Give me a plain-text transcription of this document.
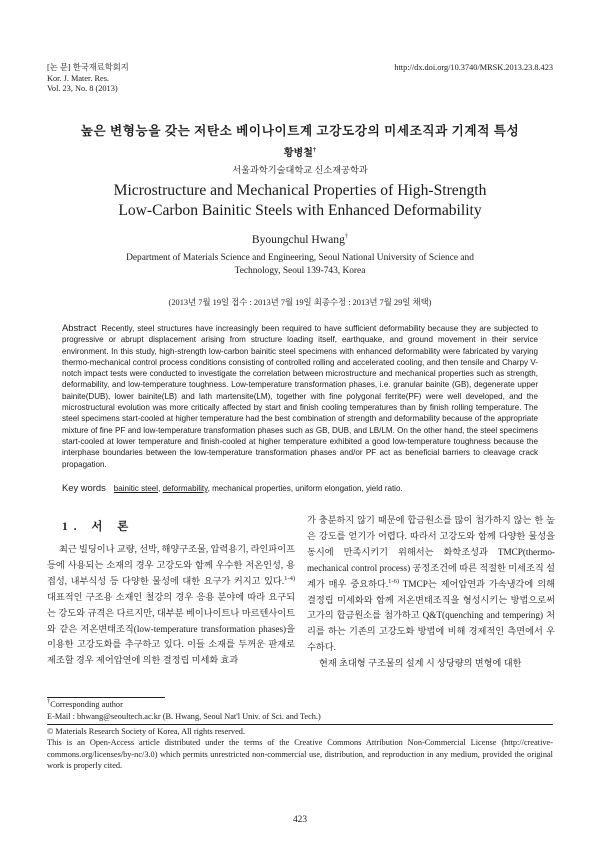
[논 문] 한국재료학회지
Kor. J. Mater. Res.
Vol. 23, No. 8 (2013)
http://dx.doi.org/10.3740/MRSK.2013.23.8.423
높은 변형능을 갖는 저탄소 베이나이트계 고강도강의 미세조직과 기계적 특성
황병철†
서울과학기술대학교 신소재공학과
Microstructure and Mechanical Properties of High-Strength
Low-Carbon Bainitic Steels with Enhanced Deformability
Byoungchul Hwang†
Department of Materials Science and Engineering, Seoul National University of Science and
Technology, Seoul 139-743, Korea
(2013년 7월 19일 접수 : 2013년 7월 19일 최종수정 : 2013년 7월 29일 채택)
Abstract Recently, steel structures have increasingly been required to have sufficient deformability because they are subjected to progressive or abrupt displacement arising from structure loading itself, earthquake, and ground movement in their service environment. In this study, high-strength low-carbon bainitic steel specimens with enhanced deformability were fabricated by varying thermo-mechanical control process conditions consisting of controlled rolling and accelerated cooling, and then tensile and Charpy V-notch impact tests were conducted to investigate the correlation between microstructure and mechanical properties such as strength, deformability, and low-temperature toughness. Low-temperature transformation phases, i.e. granular bainite (GB), degenerate upper bainite(DUB), lower bainite(LB) and lath martensite(LM), together with fine polygonal ferrite(PF) were well developed, and the microstructural evolution was more critically affected by start and finish cooling temperatures than by finish rolling temperature. The steel specimens start-cooled at higher temperature had the best combination of strength and deformability because of the appropriate mixture of fine PF and low-temperature transformation phases such as GB, DUB, and LB/LM. On the other hand, the steel specimens start-cooled at lower temperature and finish-cooled at higher temperature exhibited a good low-temperature toughness because the interphase boundaries between the low-temperature transformation phases and/or PF act as beneficial barriers to cleavage crack propagation.
Key words bainitic steel, deformability, mechanical properties, uniform elongation, yield ratio.
1. 서 론

최근 빌딩이나 교량, 선박, 해양구조물, 압력용기, 라인파이프 등에 사용되는 소재의 경우 고강도와 함께 우수한 저온인성, 용접성, 내부식성 등 다양한 물성에 대한 요구가 커지고 있다.$^{1-4)}$ 대표적인 구조용 소재인 철강의 경우 응용 분야에 따라 요구되는 강도와 규격은 다르지만, 대부분 베이나이트나 마르텐사이트와 같은 저온변태조직(low-temperature transformation phases)을 이용한 고강도화를 추구하고 있다. 이들 소재를 두꺼운 판재로 제조할 경우 제어압연에 의한 결정립 미세화 효과

가 충분하지 않기 때문에 합금원소를 많이 첨가하지 않는 한 높은 강도를 얻기가 어렵다. 따라서 고강도와 함께 다양한 물성을 동시에 만족시키기 위해서는 화학조성과 TMCP(thermo-mechanical control process) 공정조건에 따른 적절한 미세조직 설계가 매우 중요하다.$^{1-6)}$ TMCP는 제어압연과 가속냉각에 의해 결정립 미세화와 함께 저온변태조직을 형성시키는 방법으로써 고가의 합금원소를 첨가하고 Q&T(quenching and tempering) 처리를 하는 기존의 고강도화 방법에 비해 경제적인 측면에서 우수하다.

현재 초대형 구조물의 설계 시 상당량의 변형에 대한

†Corresponding author
E-Mail : bhwang@seoultech.ac.kr (B. Hwang, Seoul Nat'l Univ. of Sci. and Tech.)
© Materials Research Society of Korea, All rights reserved.
This is an Open-Access article distributed under the terms of the Creative Commons Attribution Non-Commercial License (http://creative-commons.org/licenses/by-nc/3.0) which permits unrestricted non-commercial use, distribution, and reproduction in any medium, provided the original work is properly cited.
423
